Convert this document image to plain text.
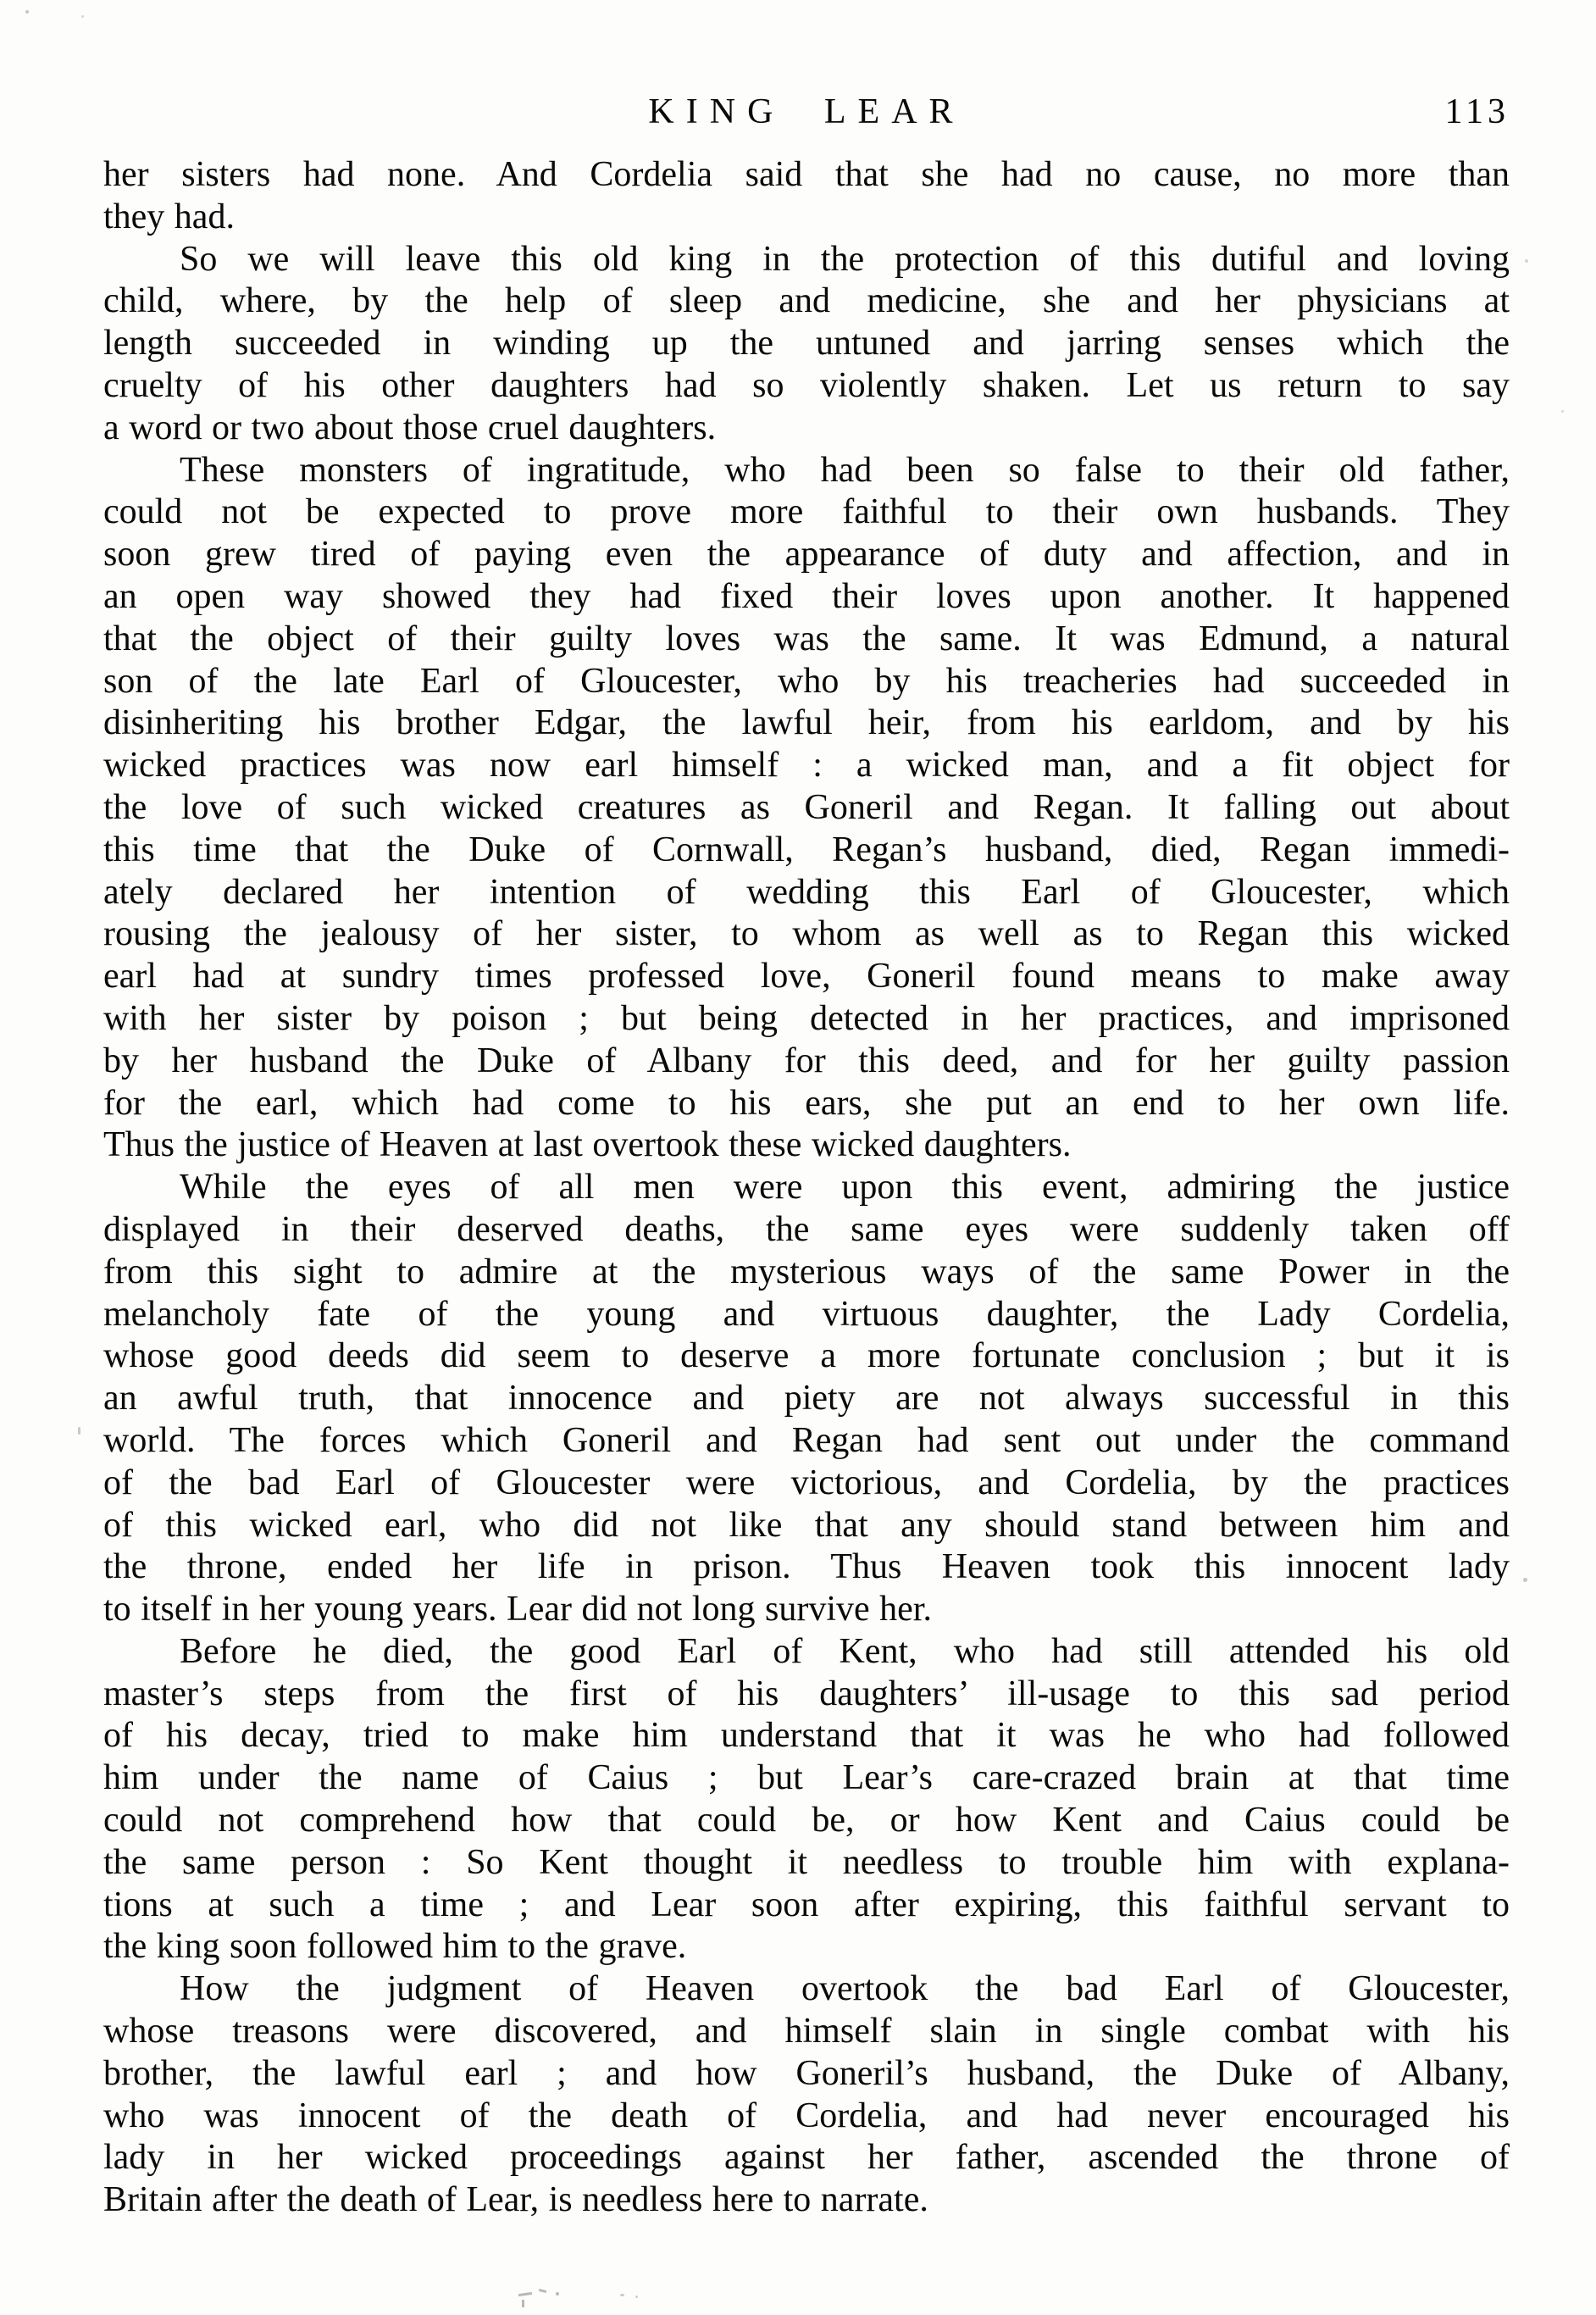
KING LEAR	113
her sisters had none. And Cordelia said that she had no cause, no more than
they had.
So we will leave this old king in the protection of this dutiful and loving
child, where, by the help of sleep and medicine, she and her physicians at
length succeeded in winding up the untuned and jarring senses which the
cruelty of his other daughters had so violently shaken. Let us return to say
a word or two about those cruel daughters.
These monsters of ingratitude, who had been so false to their old father,
could not be expected to prove more faithful to their own husbands. They
soon grew tired of paying even the appearance of duty and affection, and in
an open way showed they had fixed their loves upon another. It happened
that the object of their guilty loves was the same. It was Edmund, a natural
son of the late Earl of Gloucester, who by his treacheries had succeeded in
disinheriting his brother Edgar, the lawful heir, from his earldom, and by his
wicked practices was now earl himself : a wicked man, and a fit object for
the love of such wicked creatures as Goneril and Regan. It falling out about
this time that the Duke of Cornwall, Regan’s husband, died, Regan immedi-
ately declared her intention of wedding this Earl of Gloucester, which
rousing the jealousy of her sister, to whom as well as to Regan this wicked
earl had at sundry times professed love, Goneril found means to make away
with her sister by poison ; but being detected in her practices, and imprisoned
by her husband the Duke of Albany for this deed, and for her guilty passion
for the earl, which had come to his ears, she put an end to her own life.
Thus the justice of Heaven at last overtook these wicked daughters.
While the eyes of all men were upon this event, admiring the justice
displayed in their deserved deaths, the same eyes were suddenly taken off
from this sight to admire at the mysterious ways of the same Power in the
melancholy fate of the young and virtuous daughter, the Lady Cordelia,
whose good deeds did seem to deserve a more fortunate conclusion ; but it is
an awful truth, that innocence and piety are not always successful in this
world. The forces which Goneril and Regan had sent out under the command
of the bad Earl of Gloucester were victorious, and Cordelia, by the practices
of this wicked earl, who did not like that any should stand between him and
the throne, ended her life in prison. Thus Heaven took this innocent lady
to itself in her young years. Lear did not long survive her.
Before he died, the good Earl of Kent, who had still attended his old
master’s steps from the first of his daughters’ ill-usage to this sad period
of his decay, tried to make him understand that it was he who had followed
him under the name of Caius ; but Lear’s care-crazed brain at that time
could not comprehend how that could be, or how Kent and Caius could be
the same person : So Kent thought it needless to trouble him with explana-
tions at such a time ; and Lear soon after expiring, this faithful servant to
the king soon followed him to the grave.
How the judgment of Heaven overtook the bad Earl of Gloucester,
whose treasons were discovered, and himself slain in single combat with his
brother, the lawful earl ; and how Goneril’s husband, the Duke of Albany,
who was innocent of the death of Cordelia, and had never encouraged his
lady in her wicked proceedings against her father, ascended the throne of
Britain after the death of Lear, is needless here to narrate.
